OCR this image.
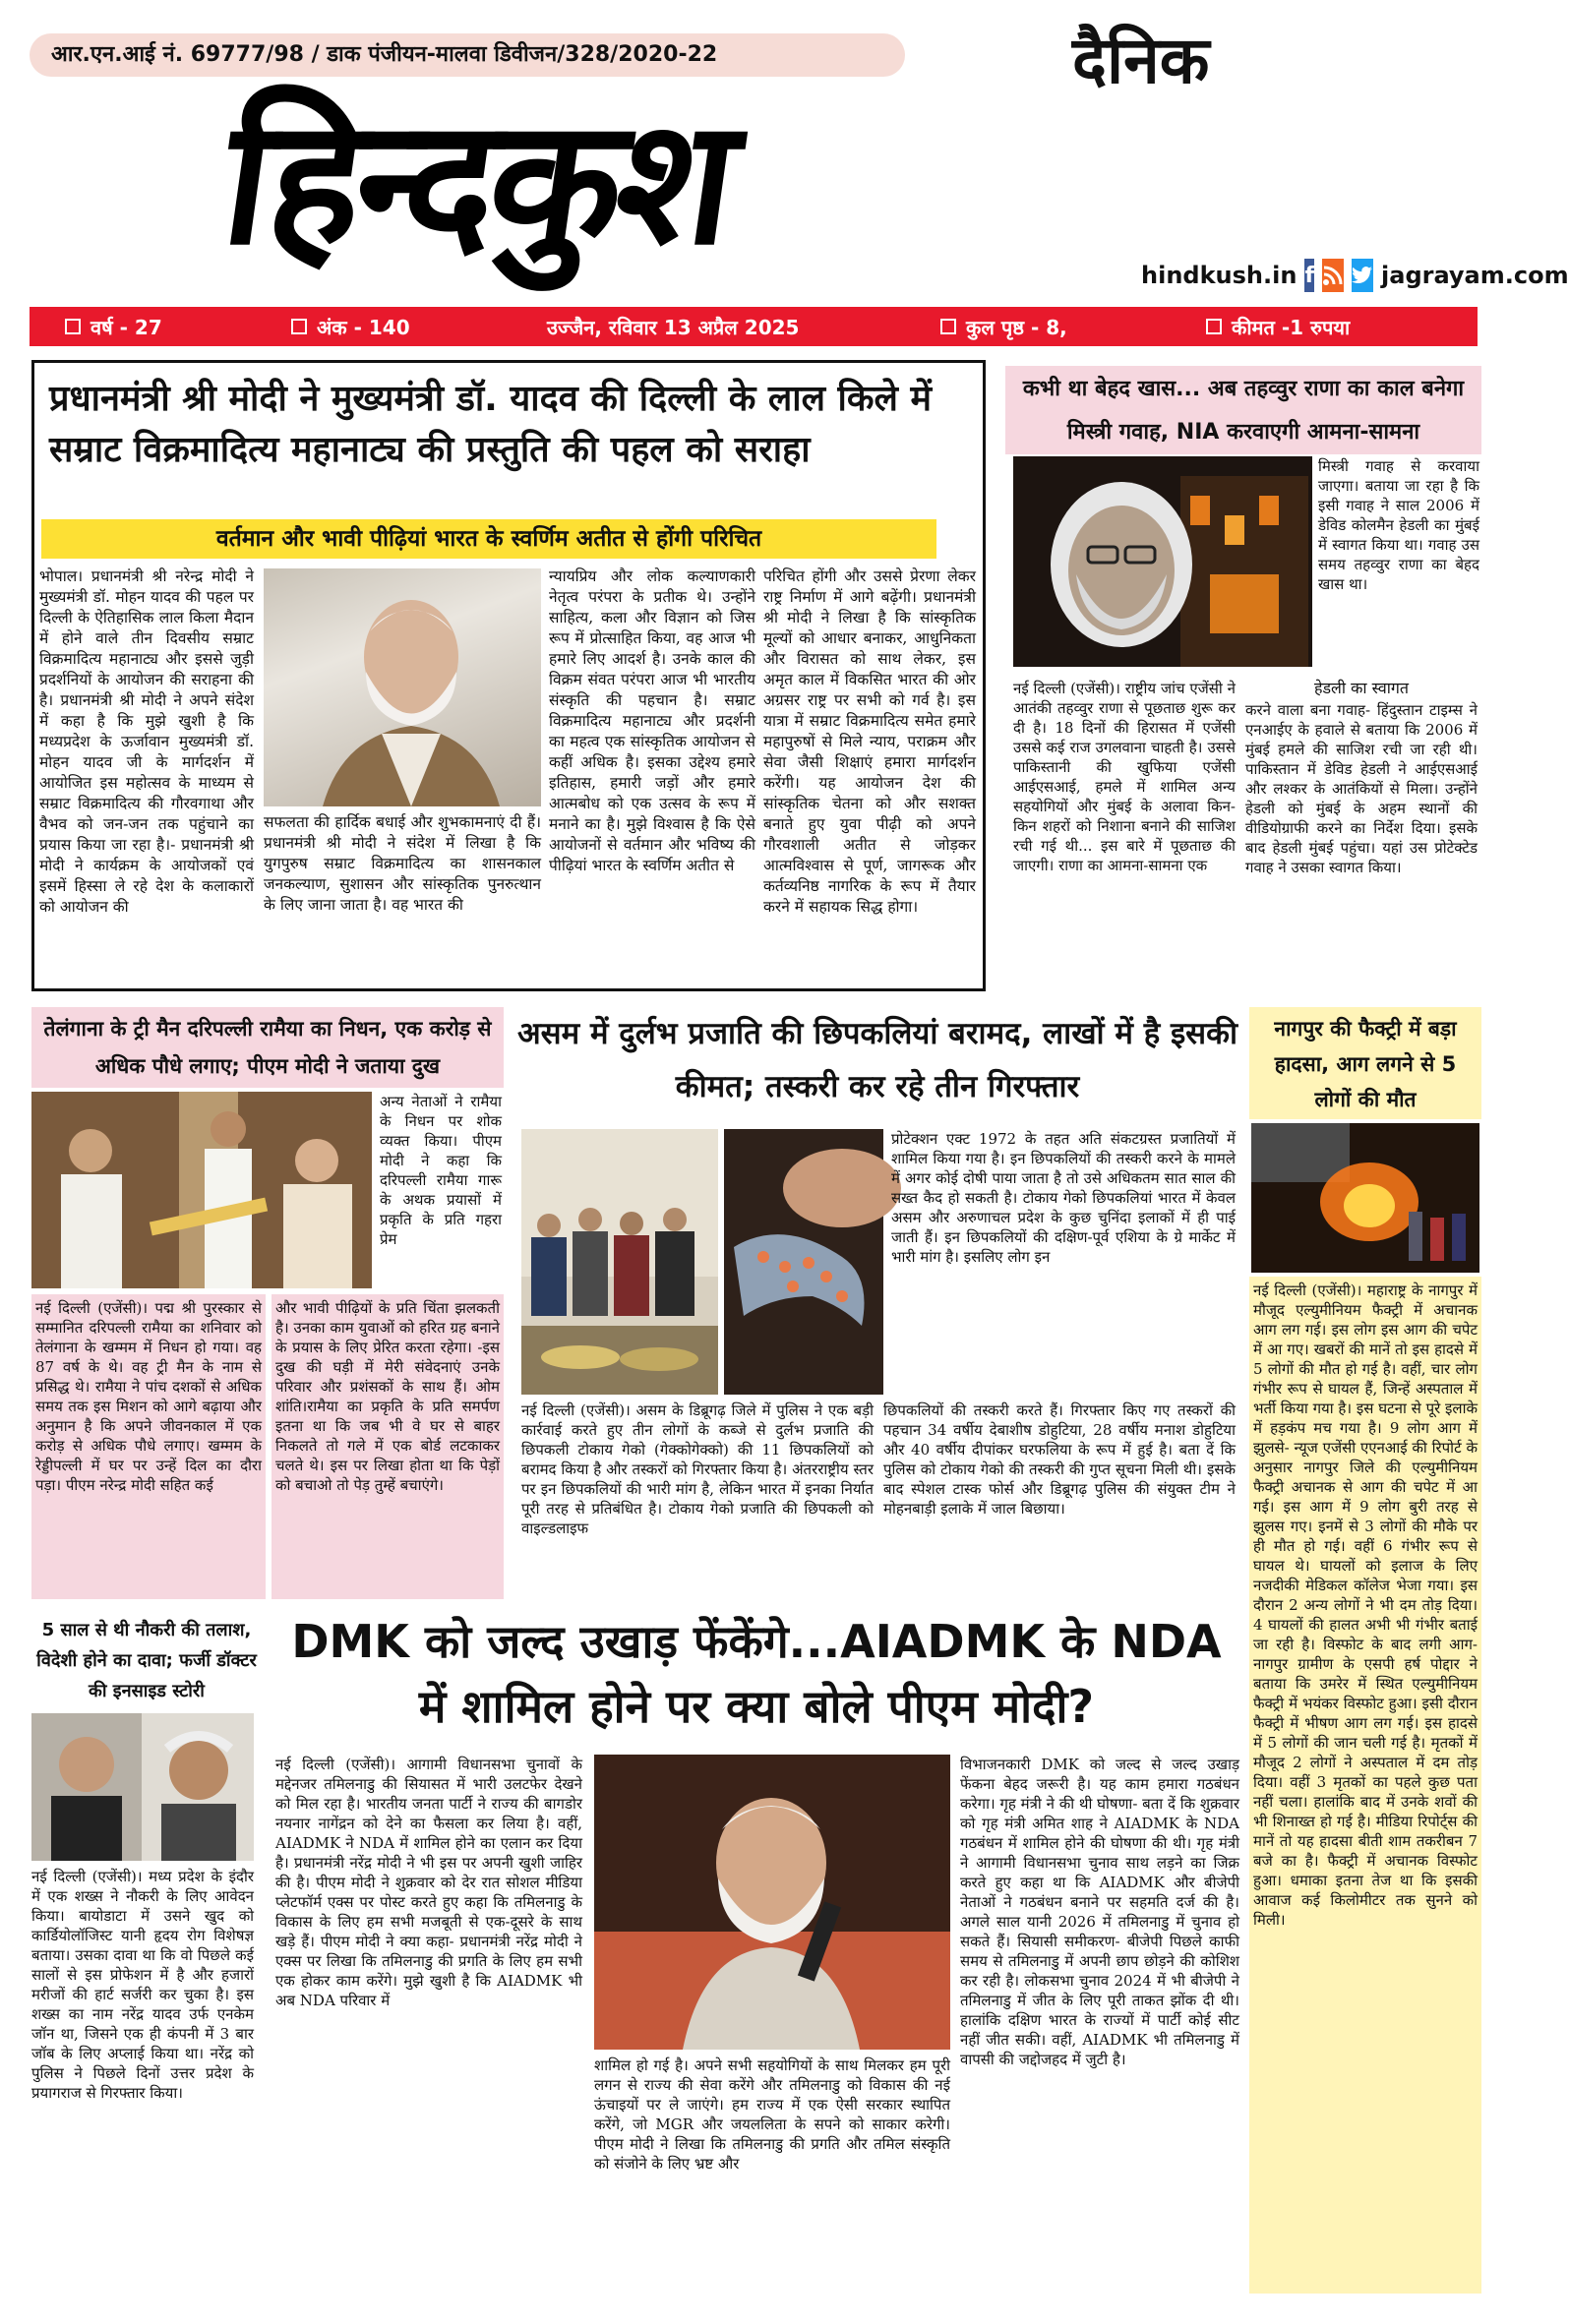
आर.एन.आई नं. 69777/98 / डाक पंजीयन-मालवा डिवीजन/328/2020-22	दैनिक
हिन्दकुश	hindkush.in f	jagrayam.com
वर्ष - 27	अंक - 140	उज्जैन, रविवार 13 अप्रैल 2025	कुल पृष्ठ - 8,	कीमत -1 रुपया
प्रधानमंत्री श्री मोदी ने मुख्यमंत्री डॉ. यादव की दिल्ली के लाल किले में सम्राट विक्रमादित्य महानाट्य की प्रस्तुति की पहल को सराहा
वर्तमान और भावी पीढ़ियां भारत के स्वर्णिम अतीत से होंगी परिचित
भोपाल। प्रधानमंत्री श्री नरेन्द्र मोदी ने मुख्यमंत्री डॉ. मोहन यादव की पहल पर दिल्ली के ऐतिहासिक लाल किला मैदान में होने वाले तीन दिवसीय सम्राट विक्रमादित्य महानाट्य और इससे जुड़ी प्रदर्शनियों के आयोजन की सराहना की है। प्रधानमंत्री श्री मोदी ने अपने संदेश में कहा है कि मुझे खुशी है कि मध्यप्रदेश के ऊर्जावान मुख्यमंत्री डॉ. मोहन यादव जी के मार्गदर्शन में आयोजित इस महोत्सव के माध्यम से सम्राट विक्रमादित्य की गौरवगाथा और वैभव को जन-जन तक पहुंचाने का प्रयास किया जा रहा है।- प्रधानमंत्री श्री मोदी ने कार्यक्रम के आयोजकों एवं इसमें हिस्सा ले रहे देश के कलाकारों को आयोजन की
सफलता की हार्दिक बधाई और शुभकामनाएं दी हैं। प्रधानमंत्री श्री मोदी ने संदेश में लिखा है कि युगपुरुष सम्राट विक्रमादित्य का शासनकाल जनकल्याण, सुशासन और सांस्कृतिक पुनरुत्थान के लिए जाना जाता है। वह भारत की
न्यायप्रिय और लोक कल्याणकारी नेतृत्व परंपरा के प्रतीक थे। उन्होंने साहित्य, कला और विज्ञान को जिस रूप में प्रोत्साहित किया, वह आज भी हमारे लिए आदर्श है। उनके काल की विक्रम संवत परंपरा आज भी भारतीय संस्कृति की पहचान है। सम्राट विक्रमादित्य महानाट्य और प्रदर्शनी का महत्व एक सांस्कृतिक आयोजन से कहीं अधिक है। इसका उद्देश्य हमारे इतिहास, हमारी जड़ों और हमारे आत्मबोध को एक उत्सव के रूप में मनाने का है। मुझे विश्वास है कि ऐसे आयोजनों से वर्तमान और भविष्य की पीढ़ियां भारत के स्वर्णिम अतीत से
परिचित होंगी और उससे प्रेरणा लेकर राष्ट्र निर्माण में आगे बढ़ेंगी। प्रधानमंत्री श्री मोदी ने लिखा है कि सांस्कृतिक मूल्यों को आधार बनाकर, आधुनिकता और विरासत को साथ लेकर, इस अमृत काल में विकसित भारत की ओर अग्रसर राष्ट्र पर सभी को गर्व है। इस यात्रा में सम्राट विक्रमादित्य समेत हमारे महापुरुषों से मिले न्याय, पराक्रम और सेवा जैसी शिक्षाएं हमारा मार्गदर्शन करेंगी। यह आयोजन देश की सांस्कृतिक चेतना को और सशक्त बनाते हुए युवा पीढ़ी को अपने गौरवशाली अतीत से जोड़कर आत्मविश्वास से पूर्ण, जागरूक और कर्तव्यनिष्ठ नागरिक के रूप में तैयार करने में सहायक सिद्ध होगा।
कभी था बेहद खास... अब तहव्वुर राणा का काल बनेगा मिस्त्री गवाह, NIA करवाएगी आमना-सामना
मिस्त्री गवाह से करवाया जाएगा। बताया जा रहा है कि इसी गवाह ने साल 2006 में डेविड कोलमैन हेडली का मुंबई में स्वागत किया था। गवाह उस समय तहव्वुर राणा का बेहद खास था।
नई दिल्ली (एजेंसी)। राष्ट्रीय जांच एजेंसी ने आतंकी तहव्वुर राणा से पूछताछ शुरू कर दी है। 18 दिनों की हिरासत में एजेंसी उससे कई राज उगलवाना चाहती है। उससे पाकिस्तानी की खुफिया एजेंसी आईएसआई, हमले में शामिल अन्य सहयोगियों और मुंबई के अलावा किन-किन शहरों को निशाना बनाने की साजिश रची गई थी... इस बारे में पूछताछ की जाएगी। राणा का आमना-सामना एक
हेडली का स्वागत
करने वाला बना गवाह- हिंदुस्तान टाइम्स ने एनआईए के हवाले से बताया कि 2006 में मुंबई हमले की साजिश रची जा रही थी। पाकिस्तान में डेविड हेडली ने आईएसआई और लश्कर के आतंकियों से मिला। उन्होंने हेडली को मुंबई के अहम स्थानों की वीडियोग्राफी करने का निर्देश दिया। इसके बाद हेडली मुंबई पहुंचा। यहां उस प्रोटेक्टेड गवाह ने उसका स्वागत किया।
तेलंगाना के ट्री मैन दरिपल्ली रामैया का निधन, एक करोड़ से अधिक पौधे लगाए; पीएम मोदी ने जताया दुख
अन्य नेताओं ने रामैया के निधन पर शोक व्यक्त किया। पीएम मोदी ने कहा कि दरिपल्ली रामैया गारू के अथक प्रयासों में प्रकृति के प्रति गहरा प्रेम
नई दिल्ली (एजेंसी)। पद्म श्री पुरस्कार से सम्मानित दरिपल्ली रामैया का शनिवार को तेलंगाना के खम्मम में निधन हो गया। वह 87 वर्ष के थे। वह ट्री मैन के नाम से प्रसिद्ध थे। रामैया ने पांच दशकों से अधिक समय तक इस मिशन को आगे बढ़ाया और अनुमान है कि अपने जीवनकाल में एक करोड़ से अधिक पौधे लगाए। खम्मम के रेड्डीपल्ली में घर पर उन्हें दिल का दौरा पड़ा। पीएम नरेन्द्र मोदी सहित कई
और भावी पीढ़ियों के प्रति चिंता झलकती है। उनका काम युवाओं को हरित ग्रह बनाने के प्रयास के लिए प्रेरित करता रहेगा। -इस दुख की घड़ी में मेरी संवेदनाएं उनके परिवार और प्रशंसकों के साथ हैं। ओम शांति।रामैया का प्रकृति के प्रति समर्पण इतना था कि जब भी वे घर से बाहर निकलते तो गले में एक बोर्ड लटकाकर चलते थे। इस पर लिखा होता था कि पेड़ों को बचाओ तो पेड़ तुम्हें बचाएंगे।
असम में दुर्लभ प्रजाति की छिपकलियां बरामद, लाखों में है इसकी कीमत; तस्करी कर रहे तीन गिरफ्तार
प्रोटेक्शन एक्ट 1972 के तहत अति संकटग्रस्त प्रजातियों में शामिल किया गया है। इन छिपकलियों की तस्करी करने के मामले में अगर कोई दोषी पाया जाता है तो उसे अधिकतम सात साल की सख्त कैद हो सकती है। टोकाय गेको छिपकलियां भारत में केवल असम और अरुणाचल प्रदेश के कुछ चुनिंदा इलाकों में ही पाई जाती हैं। इन छिपकलियों की दक्षिण-पूर्व एशिया के ग्रे मार्केट में भारी मांग है। इसलिए लोग इन
नई दिल्ली (एजेंसी)। असम के डिब्रूगढ़ जिले में पुलिस ने एक बड़ी कार्रवाई करते हुए तीन लोगों के कब्जे से दुर्लभ प्रजाति की छिपकली टोकाय गेको (गेक्कोगेक्को) की 11 छिपकलियों को बरामद किया है और तस्करों को गिरफ्तार किया है। अंतरराष्ट्रीय स्तर पर इन छिपकलियों की भारी मांग है, लेकिन भारत में इनका निर्यात पूरी तरह से प्रतिबंधित है। टोकाय गेको प्रजाति की छिपकली को वाइल्डलाइफ
छिपकलियों की तस्करी करते हैं। गिरफ्तार किए गए तस्करों की पहचान 34 वर्षीय देबाशीष डोहुटिया, 28 वर्षीय मनाश डोहुटिया और 40 वर्षीय दीपांकर घरफलिया के रूप में हुई है। बता दें कि पुलिस को टोकाय गेको की तस्करी की गुप्त सूचना मिली थी। इसके बाद स्पेशल टास्क फोर्स और डिब्रूगढ़ पुलिस की संयुक्त टीम ने मोहनबाड़ी इलाके में जाल बिछाया।
नागपुर की फैक्ट्री में बड़ा हादसा, आग लगने से 5 लोगों की मौत
नई दिल्ली (एजेंसी)। महाराष्ट्र के नागपुर में मौजूद एल्युमीनियम फैक्ट्री में अचानक आग लग गई। इस लोग इस आग की चपेट में आ गए। खबरों की मानें तो इस हादसे में 5 लोगों की मौत हो गई है। वहीं, चार लोग गंभीर रूप से घायल हैं, जिन्हें अस्पताल में भर्ती किया गया है। इस घटना से पूरे इलाके में हड़कंप मच गया है। 9 लोग आग में झुलसे- न्यूज एजेंसी एएनआई की रिपोर्ट के अनुसार नागपुर जिले की एल्युमीनियम फैक्ट्री अचानक से आग की चपेट में आ गई। इस आग में 9 लोग बुरी तरह से झुलस गए। इनमें से 3 लोगों की मौके पर ही मौत हो गई। वहीं 6 गंभीर रूप से घायल थे। घायलों को इलाज के लिए नजदीकी मेडिकल कॉलेज भेजा गया। इस दौरान 2 अन्य लोगों ने भी दम तोड़ दिया। 4 घायलों की हालत अभी भी गंभीर बताई जा रही है। विस्फोट के बाद लगी आग- नागपुर ग्रामीण के एसपी हर्ष पोद्दार ने बताया कि उमरेर में स्थित एल्युमीनियम फैक्ट्री में भयंकर विस्फोट हुआ। इसी दौरान फैक्ट्री में भीषण आग लग गई। इस हादसे में 5 लोगों की जान चली गई है। मृतकों में मौजूद 2 लोगों ने अस्पताल में दम तोड़ दिया। वहीं 3 मृतकों का पहले कुछ पता नहीं चला। हालांकि बाद में उनके शवों की भी शिनाख्त हो गई है। मीडिया रिपोर्ट्स की मानें तो यह हादसा बीती शाम तकरीबन 7 बजे का है। फैक्ट्री में अचानक विस्फोट हुआ। धमाका इतना तेज था कि इसकी आवाज कई किलोमीटर तक सुनने को मिली।
5 साल से थी नौकरी की तलाश, विदेशी होने का दावा; फर्जी डॉक्टर की इनसाइड स्टोरी
नई दिल्ली (एजेंसी)। मध्य प्रदेश के इंदौर में एक शख्स ने नौकरी के लिए आवेदन किया। बायोडाटा में उसने खुद को कार्डियोलॉजिस्ट यानी हृदय रोग विशेषज्ञ बताया। उसका दावा था कि वो पिछले कई सालों से इस प्रोफेशन में है और हजारों मरीजों की हार्ट सर्जरी कर चुका है। इस शख्स का नाम नरेंद्र यादव उर्फ एनकेम जॉन था, जिसने एक ही कंपनी में 3 बार जॉब के लिए अप्लाई किया था। नरेंद्र को पुलिस ने पिछले दिनों उत्तर प्रदेश के प्रयागराज से गिरफ्तार किया।
DMK को जल्द उखाड़ फेंकेंगे...AIADMK के NDA में शामिल होने पर क्या बोले पीएम मोदी?
नई दिल्ली (एजेंसी)। आगामी विधानसभा चुनावों के मद्देनजर तमिलनाडु की सियासत में भारी उलटफेर देखने को मिल रहा है। भारतीय जनता पार्टी ने राज्य की बागडोर नयनार नागेंद्रन को देने का फैसला कर लिया है। वहीं, AIADMK ने NDA में शामिल होने का एलान कर दिया है। प्रधानमंत्री नरेंद्र मोदी ने भी इस पर अपनी खुशी जाहिर की है। पीएम मोदी ने शुक्रवार को देर रात सोशल मीडिया प्लेटफॉर्म एक्स पर पोस्ट करते हुए कहा कि तमिलनाडु के विकास के लिए हम सभी मजबूती से एक-दूसरे के साथ खड़े हैं। पीएम मोदी ने क्या कहा- प्रधानमंत्री नरेंद्र मोदी ने एक्स पर लिखा कि तमिलनाडु की प्रगति के लिए हम सभी एक होकर काम करेंगे। मुझे खुशी है कि AIADMK भी अब NDA परिवार में
शामिल हो गई है। अपने सभी सहयोगियों के साथ मिलकर हम पूरी लगन से राज्य की सेवा करेंगे और तमिलनाडु को विकास की नई ऊंचाइयों पर ले जाएंगे। हम राज्य में एक ऐसी सरकार स्थापित करेंगे, जो MGR और जयललिता के सपने को साकार करेगी। पीएम मोदी ने लिखा कि तमिलनाडु की प्रगति और तमिल संस्कृति को संजोने के लिए भ्रष्ट और
विभाजनकारी DMK को जल्द से जल्द उखाड़ फेंकना बेहद जरूरी है। यह काम हमारा गठबंधन करेगा। गृह मंत्री ने की थी घोषणा- बता दें कि शुक्रवार को गृह मंत्री अमित शाह ने AIADMK के NDA गठबंधन में शामिल होने की घोषणा की थी। गृह मंत्री ने आगामी विधानसभा चुनाव साथ लड़ने का जिक्र करते हुए कहा था कि AIADMK और बीजेपी नेताओं ने गठबंधन बनाने पर सहमति दर्ज की है। अगले साल यानी 2026 में तमिलनाडु में चुनाव हो सकते हैं। सियासी समीकरण- बीजेपी पिछले काफी समय से तमिलनाडु में अपनी छाप छोड़ने की कोशिश कर रही है। लोकसभा चुनाव 2024 में भी बीजेपी ने तमिलनाडु में जीत के लिए पूरी ताकत झोंक दी थी। हालांकि दक्षिण भारत के राज्यों में पार्टी कोई सीट नहीं जीत सकी। वहीं, AIADMK भी तमिलनाडु में वापसी की जद्दोजहद में जुटी है।
